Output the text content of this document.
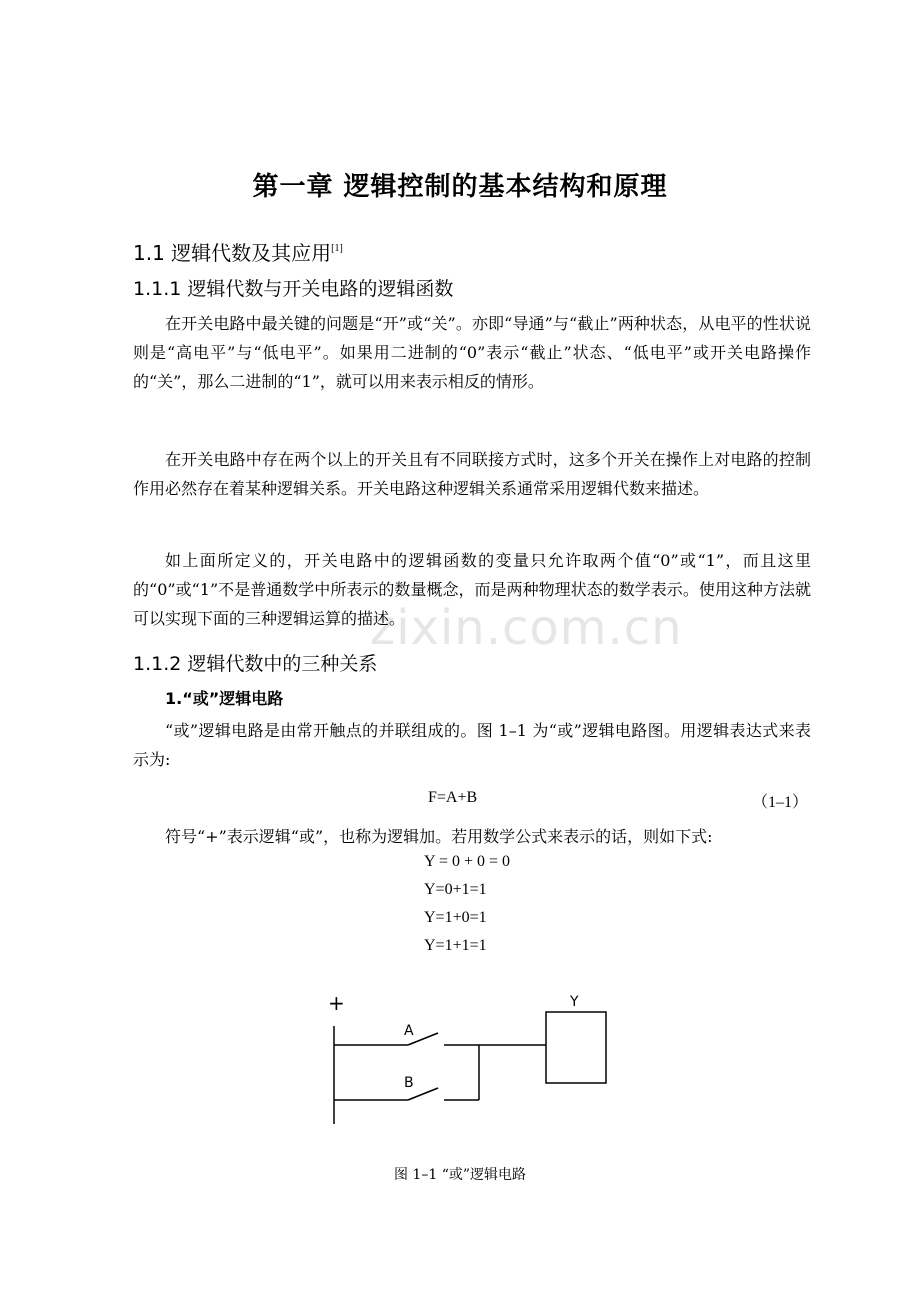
zixin.com.cn
第一章 逻辑控制的基本结构和原理
1.1 逻辑代数及其应用[1]
1.1.1 逻辑代数与开关电路的逻辑函数

在开关电路中最关键的问题是“开”或“关”。亦即“导通”与“截止”两种状态，从电平的性状说则是“高电平”与“低电平”。如果用二进制的“0”表示“截止”状态、“低电平”或开关电路操作的“关”，那么二进制的“1”，就可以用来表示相反的情形。

在开关电路中存在两个以上的开关且有不同联接方式时，这多个开关在操作上对电路的控制作用必然存在着某种逻辑关系。开关电路这种逻辑关系通常采用逻辑代数来描述。

如上面所定义的，开关电路中的逻辑函数的变量只允许取两个值“0”或“1”，而且这里的“0”或“1”不是普通数学中所表示的数量概念，而是两种物理状态的数学表示。使用这种方法就可以实现下面的三种逻辑运算的描述。

1.1.2 逻辑代数中的三种关系
1.“或”逻辑电路

“或”逻辑电路是由常开触点的并联组成的。图 1–1 为“或”逻辑电路图。用逻辑表达式来表示为:

F=A+B	（1–1）

符号“+”表示逻辑“或”，也称为逻辑加。若用数学公式来表示的话，则如下式:

Y = 0 + 0 = 0
Y=0+1=1
Y=1+0=1
Y=1+1=1
+	Y
A
B
图 1–1 “或”逻辑电路
